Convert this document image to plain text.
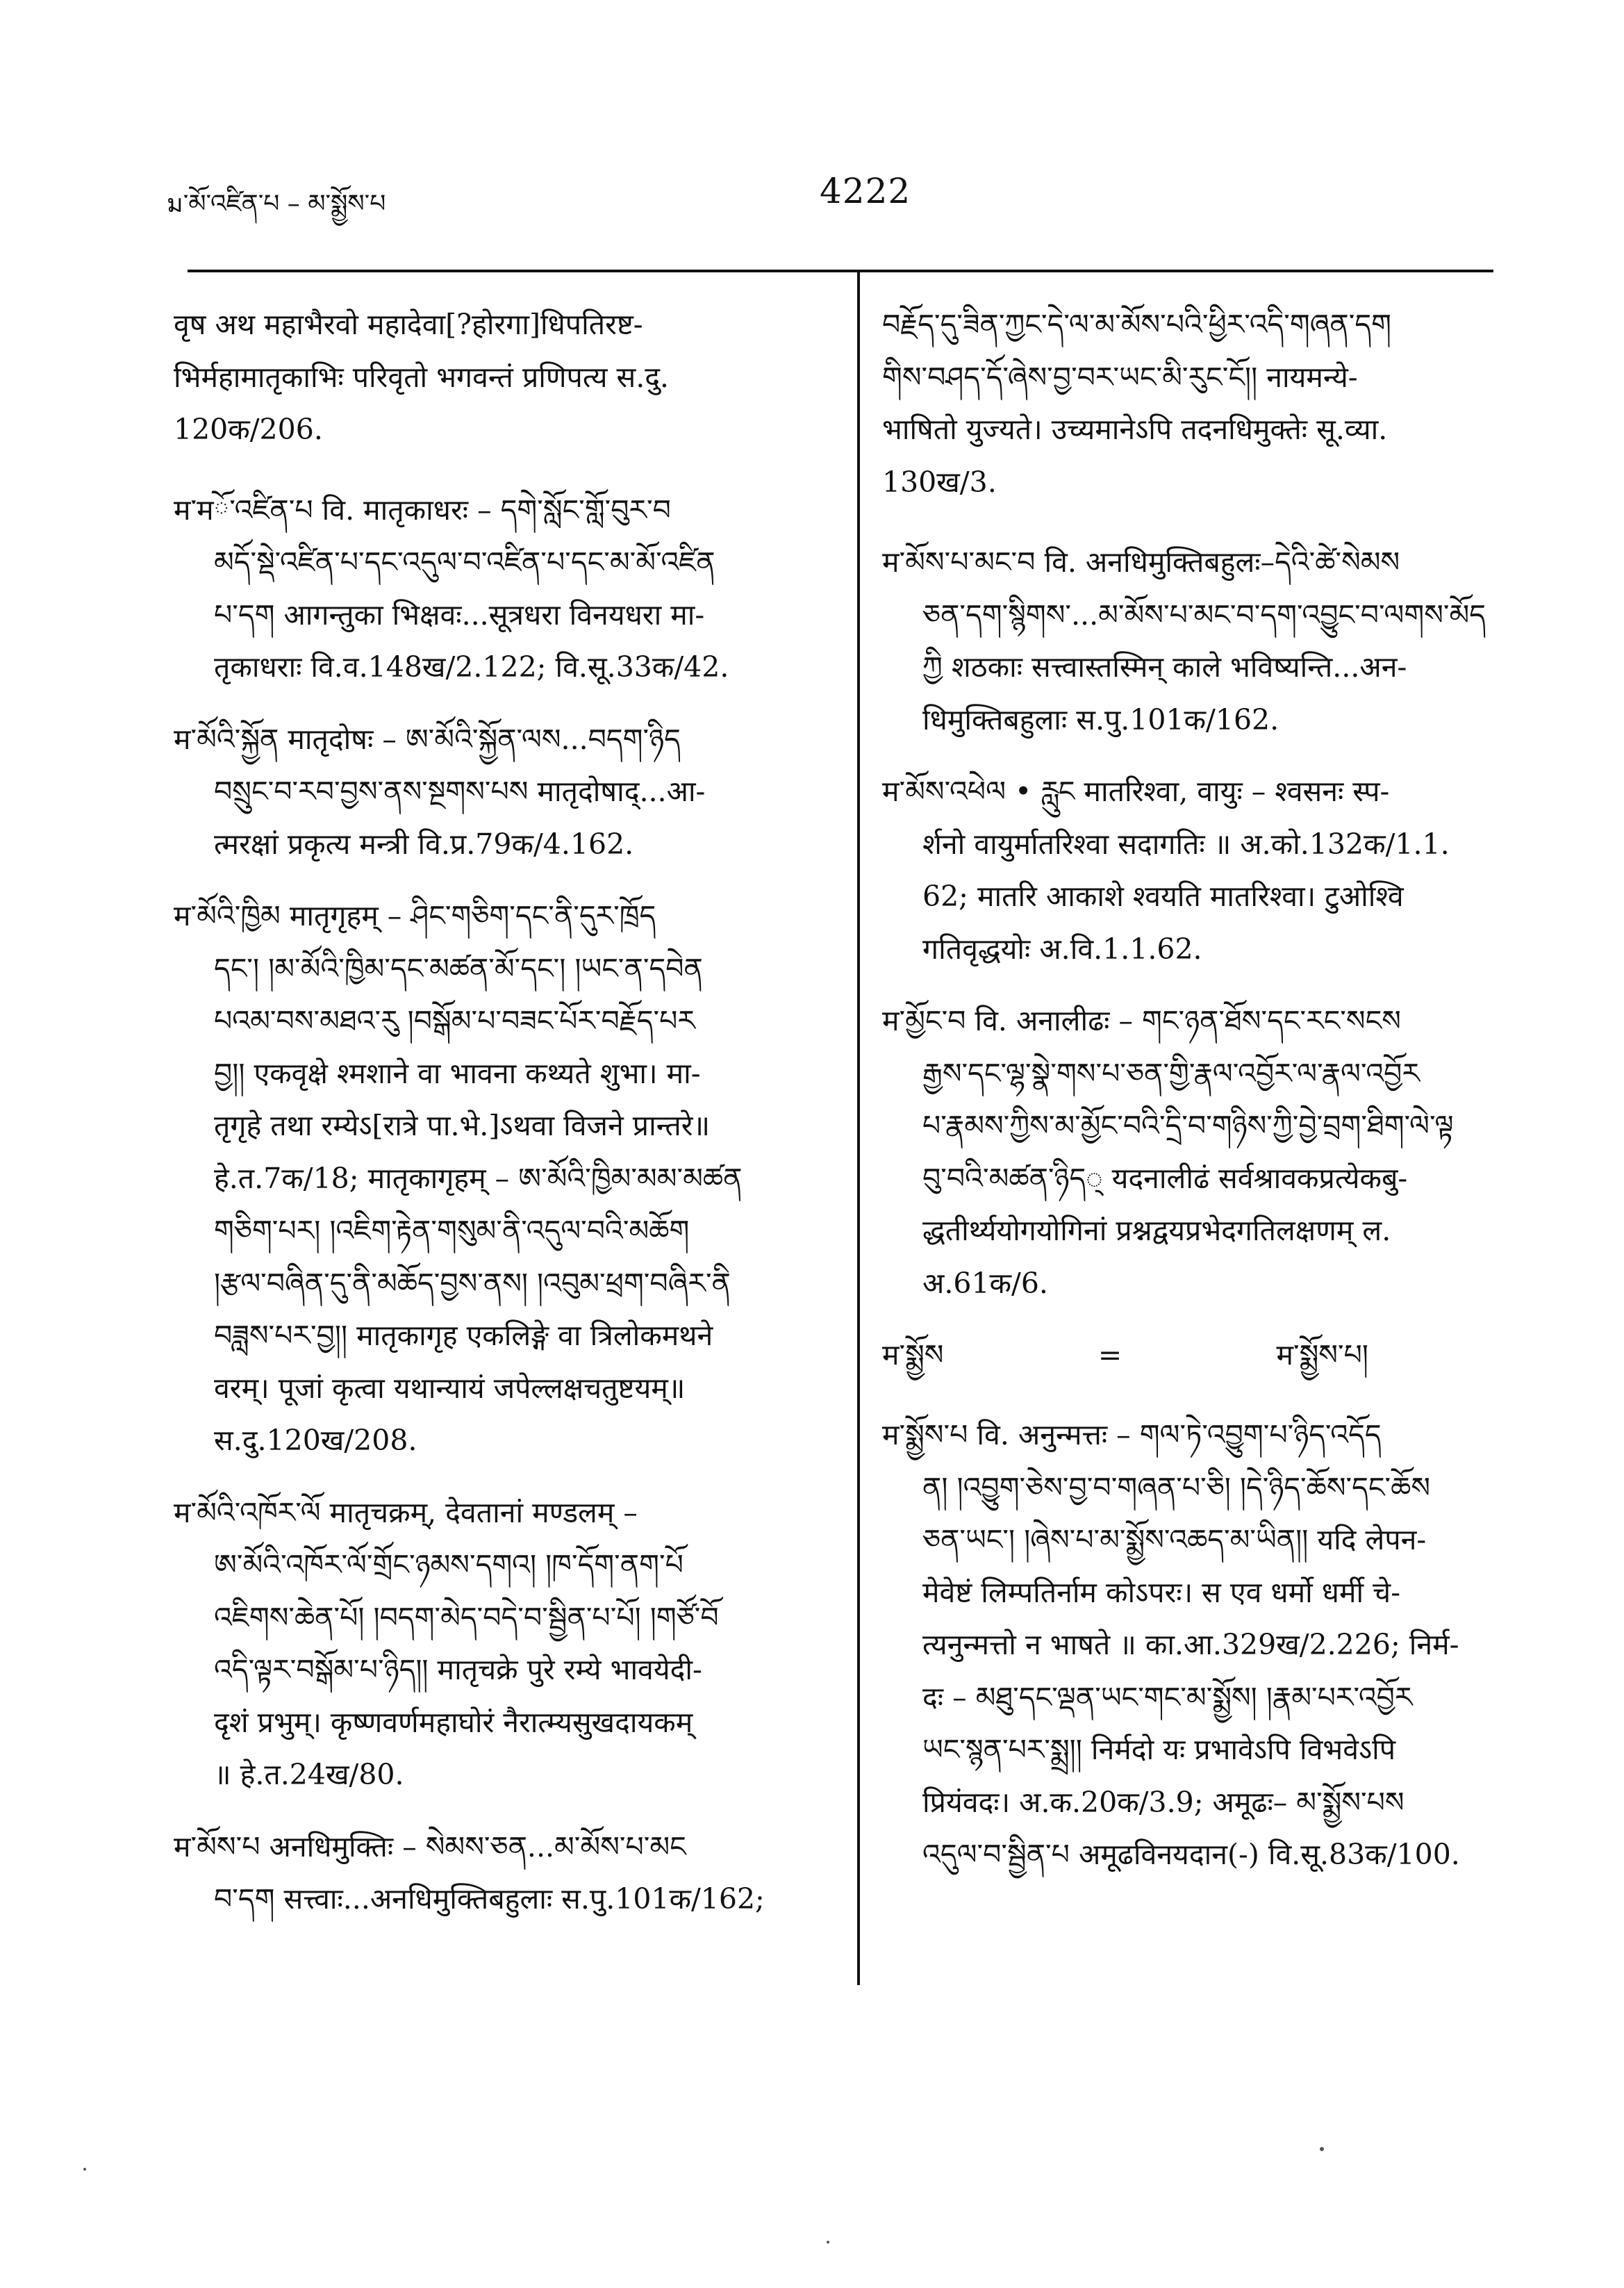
ม་མོ་འཛིན་པ – མ་སྨྱོས་པ	4222

वृष अथ महाभैरवो महादेवा[?होरगा]धिपतिरष्ट-
भिर्महामातृकाभिः परिवृतो भगवन्तं प्रणिपत्य स.दु.
120क/206.

म་मོ་འཛིན་པ वि. मातृकाधरः – དགེ་སློང་གློ་བུར་བ
མདོ་སྡེ་འཛིན་པ་དང་འདུལ་བ་འཛིན་པ་དང་མ་མོ་འཛིན
པ་དག आगन्तुका भिक्षवः...सूत्रधरा विनयधरा मा-
तृकाधराः वि.व.148ख/2.122; वि.सू.33क/42.

म་མོའི་སྐྱོན मातृदोषः – ཨ་མོའི་སྐྱོན་ལས...བདག་ཉིད
བསྲུང་བ་རབ་བྱས་ནས་སྔགས་པས मातृदोषाद्...आ-
त्मरक्षां प्रकृत्य मन्त्री वि.प्र.79क/4.162.

म་མོའི་ཁྱིམ मातृगृहम् – ཤིང་གཅིག་དང་ནི་དུར་ཁྲོད
དང་། །མ་མོའི་ཁྱིམ་དང་མཚན་མོ་དང་། །ཡང་ན་དབེན
པའམ་བས་མཐའ་རུ །བསྒོམ་པ་བཟང་པོར་བརྗོད་པར
བྱ།། एकवृक्षे श्मशाने वा भावना कथ्यते शुभा। मा-
तृगृहे तथा रम्येऽ[रात्रे पा.भे.]ऽथवा विजने प्रान्तरे॥
हे.त.7क/18; मातृकागृहम् – ཨ་མོའི་ཁྱིམ་མམ་མཚན
གཅིག་པར། །འཇིག་རྟེན་གསུམ་ནི་འདུལ་བའི་མཆོག
།རྩལ་བཞིན་དུ་ནི་མཆོད་བྱས་ནས། །འབུམ་ཕྲག་བཞིར་ནི
བཟླས་པར་བྱ།། मातृकागृह एकलिङ्गे वा त्रिलोकमथने
वरम्। पूजां कृत्वा यथान्यायं जपेल्लक्षचतुष्टयम्॥
स.दु.120ख/208.

म་མོའི་འཁོར་ལོ मातृचक्रम्, देवतानां मण्डलम् –
ཨ་མོའི་འཁོར་ལོ་གྲོང་ཉམས་དགའ། །ཁ་དོག་ནག་པོ
འཇིགས་ཆེན་པོ། །བདག་མེད་བདེ་བ་སྦྱིན་པ་པོ། །གཙོ་བོ
འདི་ལྟར་བསྒོམ་པ་ཉིད།། मातृचक्रे पुरे रम्ये भावयेदी-
दृशं प्रभुम्। कृष्णवर्णमहाघोरं नैरात्म्यसुखदायकम्
॥ हे.त.24ख/80.

म་མོས་པ अनधिमुक्तिः – སེམས་ཅན...མ་མོས་པ་མང
བ་དག सत्त्वाः...अनधिमुक्तिबहुलाः स.पु.101क/162;

བརྗོད་དུ་ཟིན་ཀྱང་དེ་ལ་མ་མོས་པའི་ཕྱིར་འདི་གཞན་དག
གིས་བཤད་དོ་ཞེས་བྱ་བར་ཡང་མི་རུང་ངོ།། नायमन्ये-
भाषितो युज्यते। उच्यमानेऽपि तदनधिमुक्तेः सू.व्या.
130ख/3.

म་མོས་པ་མང་བ वि. अनधिमुक्तिबहुलः–དེའི་ཚེ་སེམས
ཅན་དག་སྙིགས་...མ་མོས་པ་མང་བ་དག་འབྱུང་བ་ལགས་མོད
ཀྱི शठकाः सत्त्वास्तस्मिन् काले भविष्यन्ति...अन-
धिमुक्तिबहुलाः स.पु.101क/162.

म་མོས་འཕེལ • རླུང मातरिश्वा, वायुः – श्वसनः स्प-
र्शनो वायुर्मातरिश्वा सदागतिः ॥ अ.को.132क/1.1.
62; मातरि आकाशे श्वयति मातरिश्वा। टुओश्वि
गतिवृद्धयोः अ.वि.1.1.62.

म་མྱོང་བ वि. अनालीढः – གང་ཉན་ཐོས་དང་རང་སངས
རྒྱས་དང་ལྷ་སྣེ་གས་པ་ཅན་གྱི་རྣལ་འབྱོར་ལ་རྣལ་འབྱོར
པ་རྣམས་ཀྱིས་མ་མྱོང་བའི་དྲི་བ་གཉིས་ཀྱི་བྱེ་བྲག་ཐིག་ལེ་ལྟ
བུ་བའི་མཚན་ཉིད् यदनालीढं सर्वश्रावकप्रत्येकबु-
द्धतीर्थ्ययोगयोगिनां प्रश्नद्वयप्रभेदगतिलक्षणम् ल.
अ.61क/6.

म་སྨྱོས	=	म་སྨྱོས་པ།

म་སྨྱོས་པ वि. अनुन्मत्तः – གལ་ཏེ་འབྱུག་པ་ཉིད་འདོད
ན། །འབྱུག་ཅེས་བྱ་བ་གཞན་པ་ཅི། །དེ་ཉིད་ཆོས་དང་ཆོས
ཅན་ཡང་། །ཞེས་པ་མ་སྨྱོས་འཆད་མ་ཡིན།། यदि लेपन-
मेवेष्टं लिम्पतिर्नाम कोऽपरः। स एव धर्मो धर्मी चे-
त्यनुन्मत्तो न भाषते ॥ का.आ.329ख/2.226; निर्म-
दः – མཐུ་དང་ལྡན་ཡང་གང་མ་སྨྱོས། །རྣམ་པར་འབྱོར
ཡང་སྙན་པར་སྨྲ།། निर्मदो यः प्रभावेऽपि विभवेऽपि
प्रियंवदः। अ.क.20क/3.9; अमूढः– མ་སྨྱོས་པས
འདུལ་བ་སྦྱིན་པ अमूढविनयदान(-) वि.सू.83क/100.
